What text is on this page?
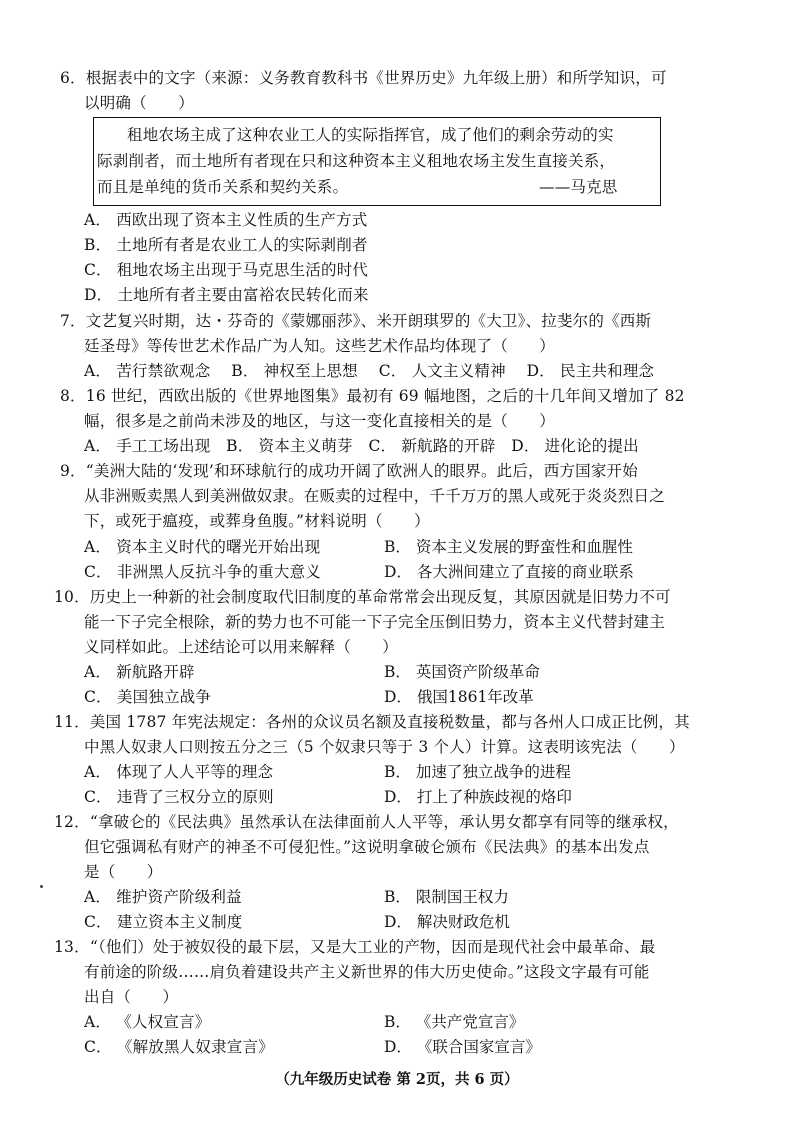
6．根据表中的文字（来源：义务教育教科书《世界历史》九年级上册）和所学知识，可
以明确（　　）
租地农场主成了这种农业工人的实际指挥官，成了他们的剩余劳动的实
际剥削者，而土地所有者现在只和这种资本主义租地农场主发生直接关系，
而且是单纯的货币关系和契约关系。	——马克思
A． 西欧出现了资本主义性质的生产方式
B． 土地所有者是农业工人的实际剥削者
C． 租地农场主出现于马克思生活的时代
D． 土地所有者主要由富裕农民转化而来
7．文艺复兴时期，达・芬奇的《蒙娜丽莎》、米开朗琪罗的《大卫》、拉斐尔的《西斯
廷圣母》等传世艺术作品广为人知。这些艺术作品均体现了（　　）
A． 苦行禁欲观念　 B． 神权至上思想　 C． 人文主义精神　 D． 民主共和理念
8．16 世纪，西欧出版的《世界地图集》最初有 69 幅地图，之后的十几年间又增加了 82
幅，很多是之前尚未涉及的地区，与这一变化直接相关的是（　　）
A． 手工工场出现　B． 资本主义萌芽　C． 新航路的开辟　D． 进化论的提出
9．“美洲大陆的‘发现’和环球航行的成功开阔了欧洲人的眼界。此后，西方国家开始
从非洲贩卖黑人到美洲做奴隶。在贩卖的过程中，千千万万的黑人或死于炎炎烈日之
下，或死于瘟疫，或葬身鱼腹。”材料说明（　　）
A． 资本主义时代的曙光开始出现	B． 资本主义发展的野蛮性和血腥性
C． 非洲黑人反抗斗争的重大意义	D． 各大洲间建立了直接的商业联系
10．历史上一种新的社会制度取代旧制度的革命常常会出现反复，其原因就是旧势力不可
能一下子完全根除，新的势力也不可能一下子完全压倒旧势力，资本主义代替封建主
义同样如此。上述结论可以用来解释（　　）
A． 新航路开辟	B． 英国资产阶级革命
C． 美国独立战争	D． 俄国1861年改革
11．美国 1787 年宪法规定：各州的众议员名额及直接税数量，都与各州人口成正比例，其
中黑人奴隶人口则按五分之三（5 个奴隶只等于 3 个人）计算。这表明该宪法（　　）
A． 体现了人人平等的理念	B． 加速了独立战争的进程
C． 违背了三权分立的原则	D． 打上了种族歧视的烙印
12．“拿破仑的《民法典》虽然承认在法律面前人人平等，承认男女都享有同等的继承权，
但它强调私有财产的神圣不可侵犯性。”这说明拿破仑颁布《民法典》的基本出发点
是（　　）
A． 维护资产阶级利益	B． 限制国王权力
C． 建立资本主义制度	D． 解决财政危机
13．“（他们）处于被奴役的最下层，又是大工业的产物，因而是现代社会中最革命、最
有前途的阶级……肩负着建设共产主义新世界的伟大历史使命。”这段文字最有可能
出自（　　）
A． 《人权宣言》	B． 《共产党宣言》
C． 《解放黑人奴隶宣言》	D． 《联合国家宣言》
（九年级历史试卷 第 2页，共 6 页）
